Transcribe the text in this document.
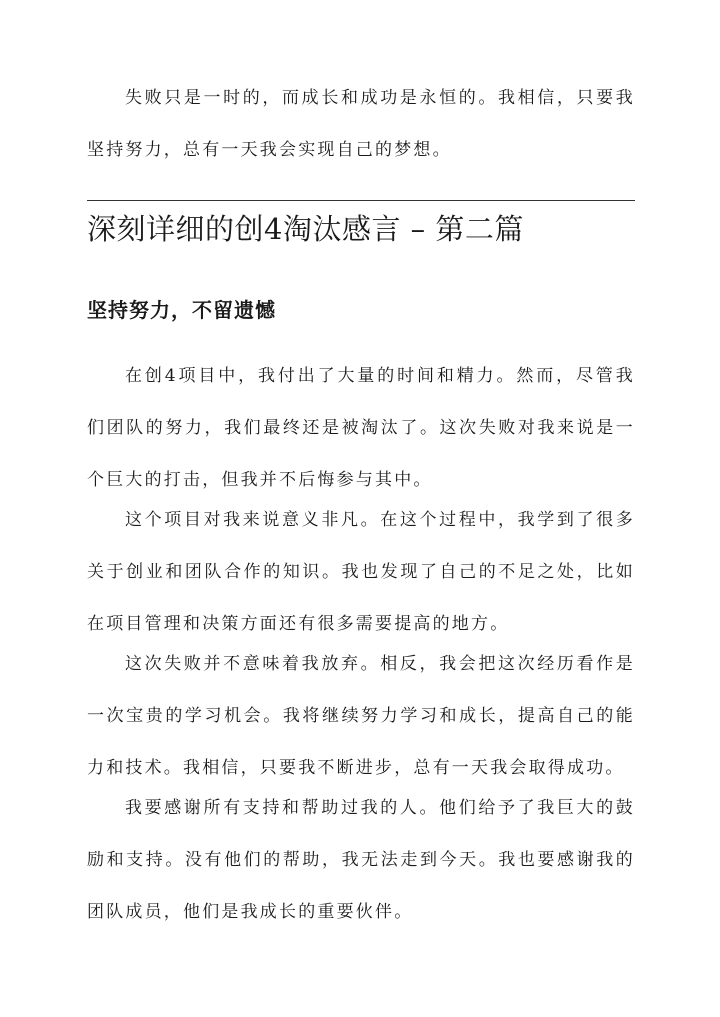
失败只是一时的，而成长和成功是永恒的。我相信，只要我坚持努力，总有一天我会实现自己的梦想。

深刻详细的创4淘汰感言 – 第二篇
坚持努力，不留遗憾

在创4项目中，我付出了大量的时间和精力。然而，尽管我们团队的努力，我们最终还是被淘汰了。这次失败对我来说是一个巨大的打击，但我并不后悔参与其中。

这个项目对我来说意义非凡。在这个过程中，我学到了很多关于创业和团队合作的知识。我也发现了自己的不足之处，比如在项目管理和决策方面还有很多需要提高的地方。

这次失败并不意味着我放弃。相反，我会把这次经历看作是一次宝贵的学习机会。我将继续努力学习和成长，提高自己的能力和技术。我相信，只要我不断进步，总有一天我会取得成功。

我要感谢所有支持和帮助过我的人。他们给予了我巨大的鼓励和支持。没有他们的帮助，我无法走到今天。我也要感谢我的团队成员，他们是我成长的重要伙伴。
